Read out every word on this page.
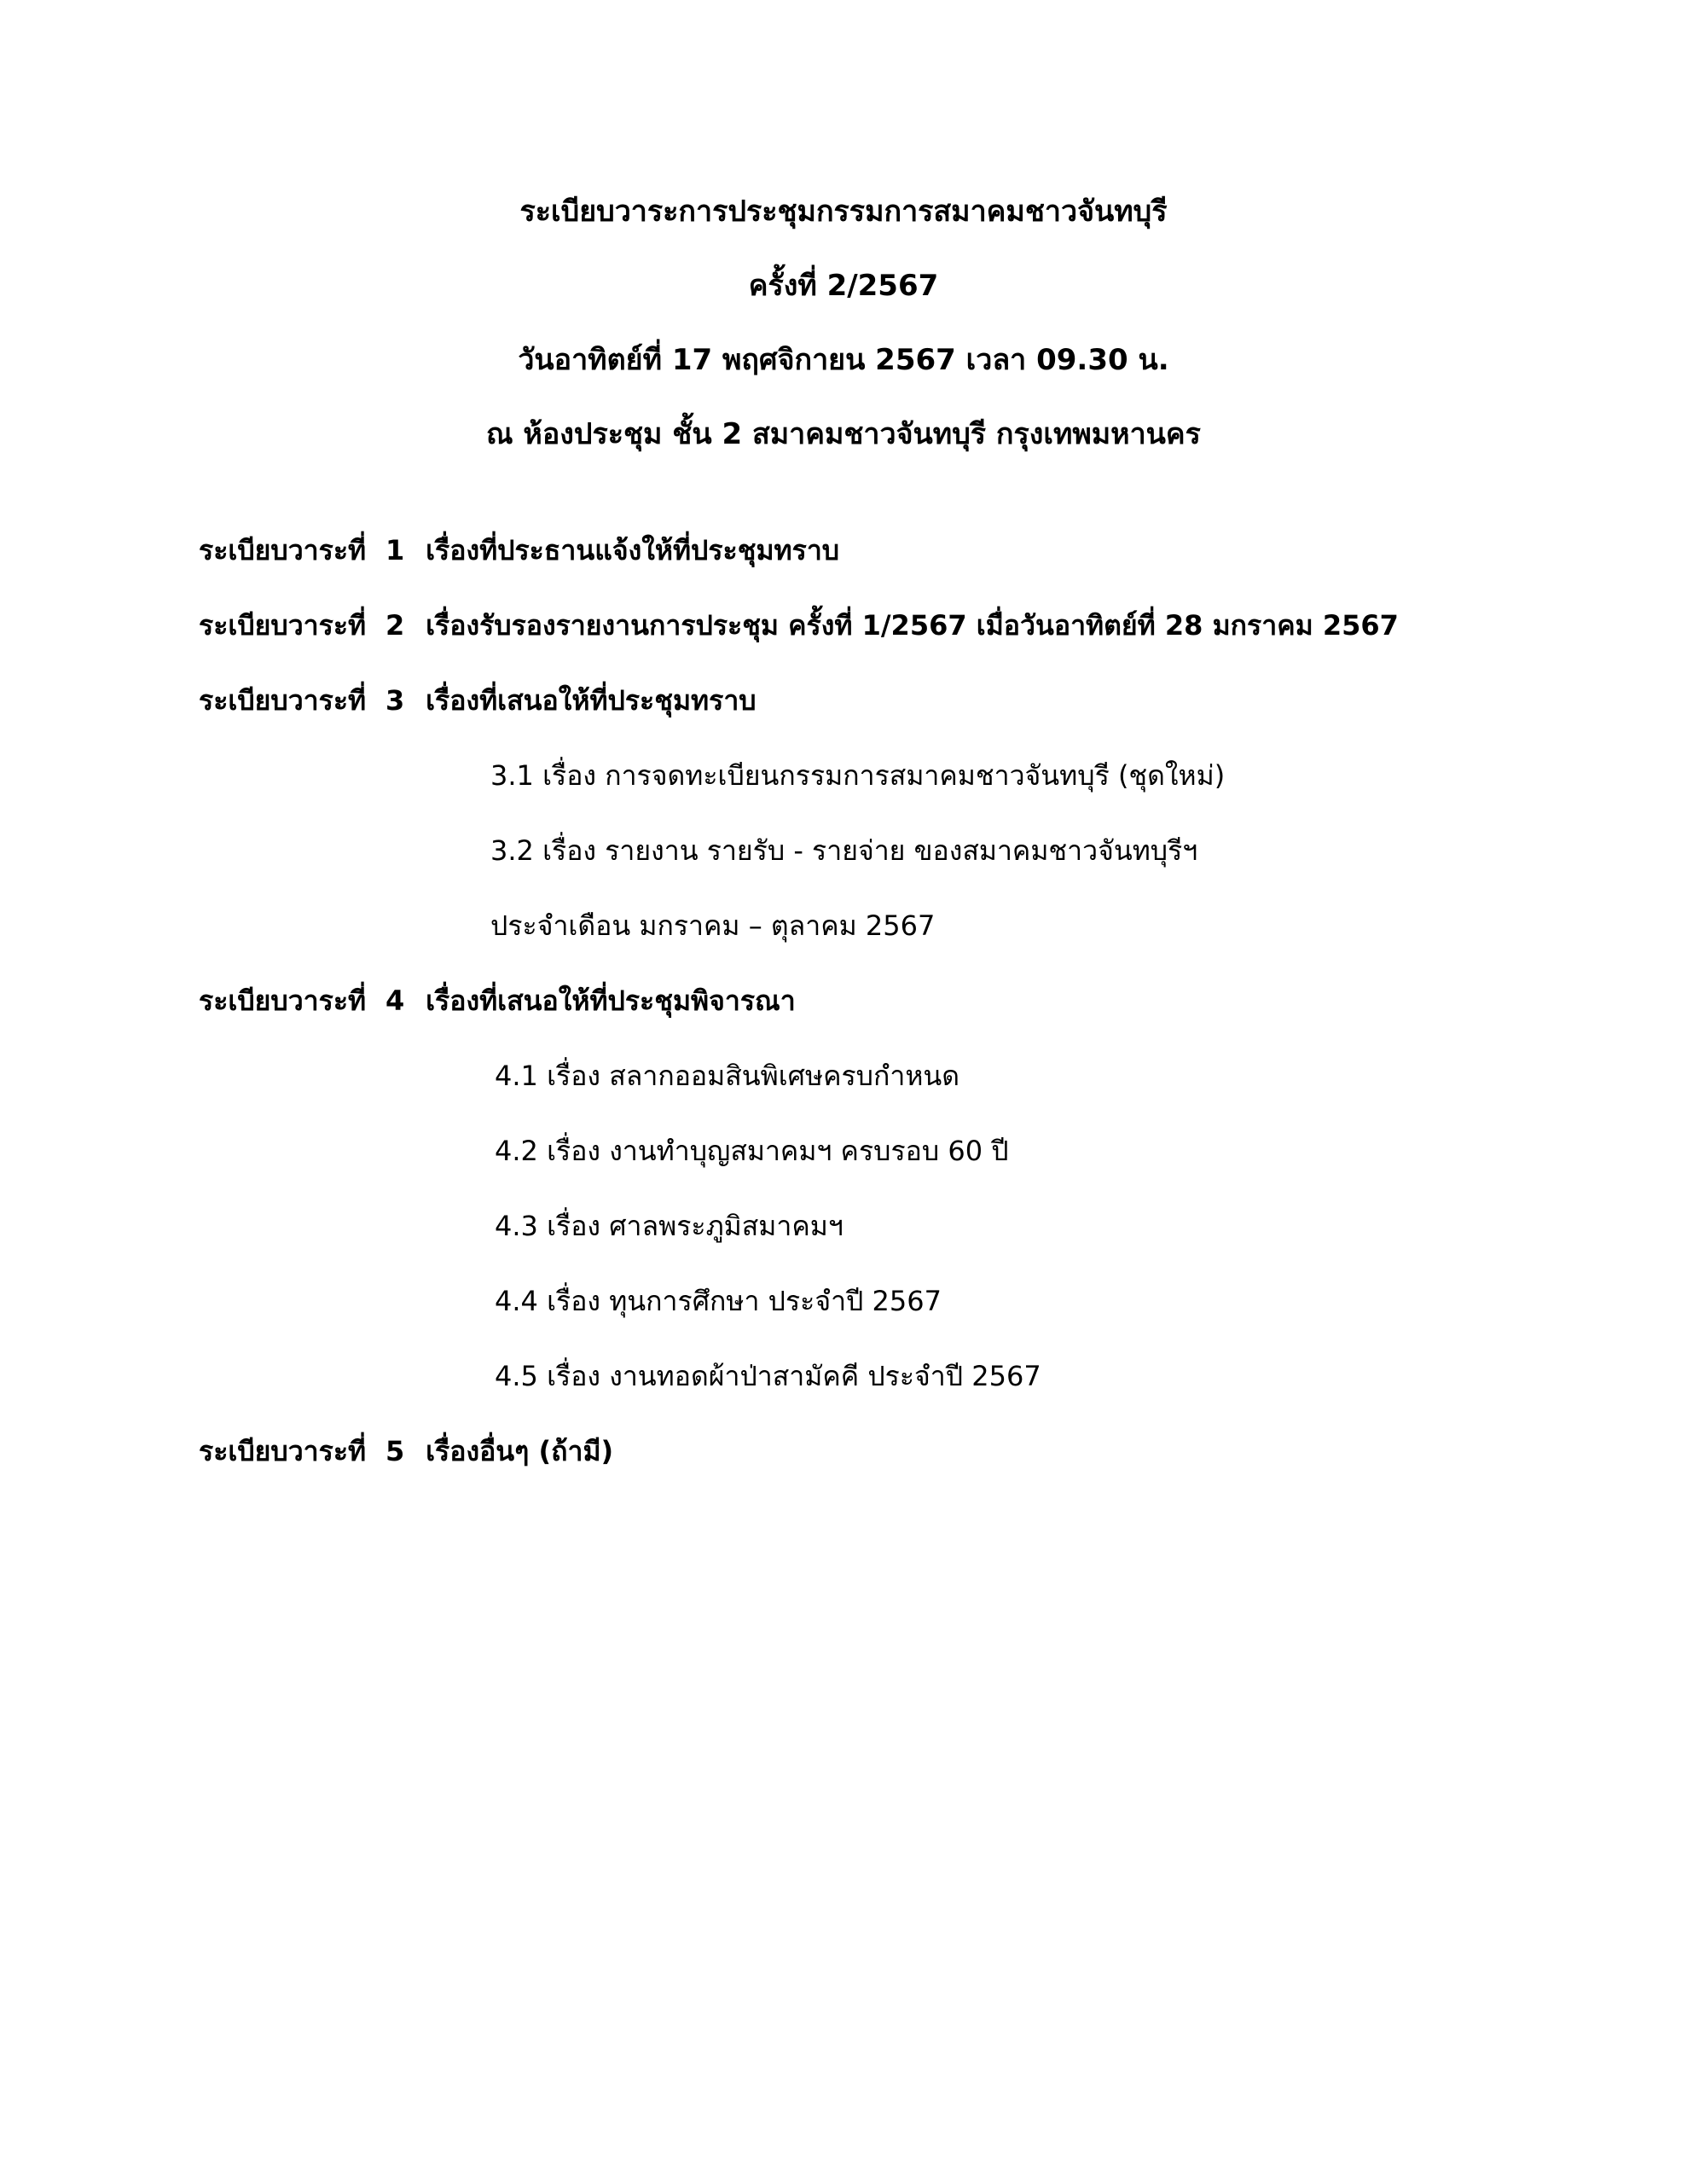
ระเบียบวาระการประชุมกรรมการสมาคมชาวจันทบุรี
ครั้งที่ 2/2567
วันอาทิตย์ที่ 17 พฤศจิกายน 2567 เวลา 09.30 น.
ณ ห้องประชุม ชั้น 2 สมาคมชาวจันทบุรี กรุงเทพมหานคร
ระเบียบวาระที่ 1 เรื่องที่ประธานแจ้งให้ที่ประชุมทราบ
ระเบียบวาระที่ 2 เรื่องรับรองรายงานการประชุม ครั้งที่ 1/2567 เมื่อวันอาทิตย์ที่ 28 มกราคม 2567
ระเบียบวาระที่ 3 เรื่องที่เสนอให้ที่ประชุมทราบ
3.1 เรื่อง การจดทะเบียนกรรมการสมาคมชาวจันทบุรี (ชุดใหม่)
3.2 เรื่อง รายงาน รายรับ - รายจ่าย ของสมาคมชาวจันทบุรีฯ
ประจำเดือน มกราคม – ตุลาคม 2567
ระเบียบวาระที่ 4 เรื่องที่เสนอให้ที่ประชุมพิจารณา
4.1 เรื่อง สลากออมสินพิเศษครบกำหนด
4.2 เรื่อง งานทำบุญสมาคมฯ ครบรอบ 60 ปี
4.3 เรื่อง ศาลพระภูมิสมาคมฯ
4.4 เรื่อง ทุนการศึกษา ประจำปี 2567
4.5 เรื่อง งานทอดผ้าป่าสามัคคี ประจำปี 2567
ระเบียบวาระที่ 5 เรื่องอื่นๆ (ถ้ามี)
